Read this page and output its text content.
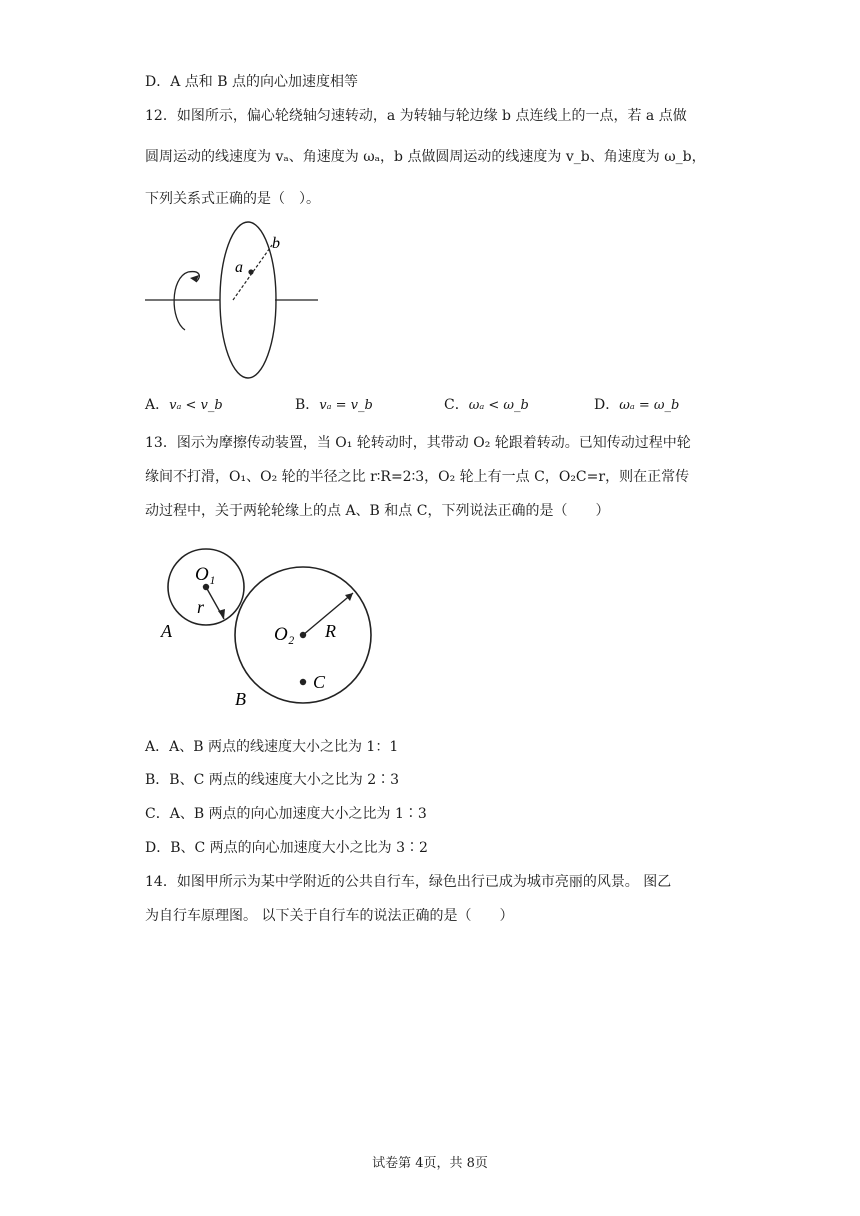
D．A 点和 B 点的向心加速度相等
12．如图所示，偏心轮绕轴匀速转动，a 为转轴与轮边缘 b 点连线上的一点，若 a 点做
圆周运动的线速度为 vₐ、角速度为 ωₐ，b 点做圆周运动的线速度为 v_b、角速度为 ω_b，
下列关系式正确的是（　）。
a
b
A．vₐ < v_b	B．vₐ = v_b	C．ωₐ < ω_b	D．ωₐ = ω_b
13．图示为摩擦传动装置，当 O₁ 轮转动时，其带动 O₂ 轮跟着转动。已知传动过程中轮
缘间不打滑，O₁、O₂ 轮的半径之比 r∶R=2∶3，O₂ 轮上有一点 C，O₂C=r，则在正常传
动过程中，关于两轮轮缘上的点 A、B 和点 C，下列说法正确的是（　　）
O₁
r
A	O₂ R
C
B
A．A、B 两点的线速度大小之比为 1：1
B．B、C 两点的线速度大小之比为 2∶3
C．A、B 两点的向心加速度大小之比为 1∶3
D．B、C 两点的向心加速度大小之比为 3∶2
14．如图甲所示为某中学附近的公共自行车，绿色出行已成为城市亮丽的风景。 图乙
为自行车原理图。 以下关于自行车的说法正确的是（　　）
试卷第 4页，共 8页
